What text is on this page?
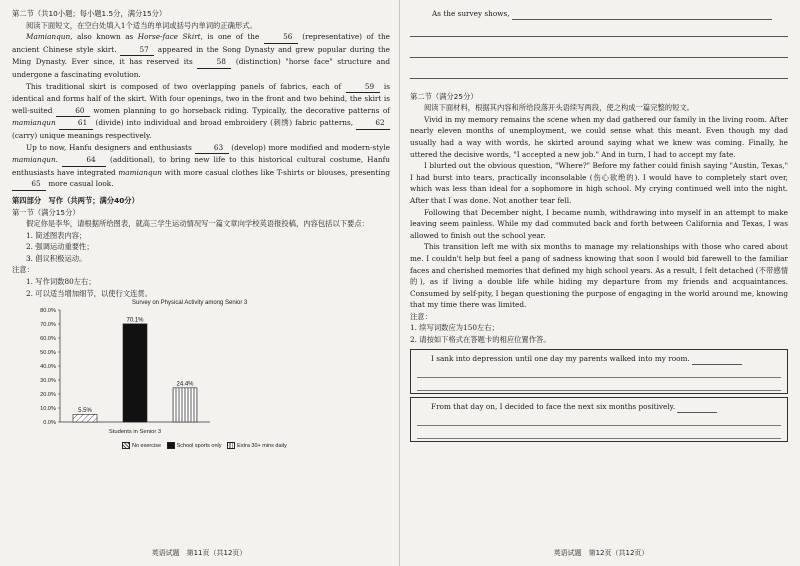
第二节（共10小题；每小题1.5分，满分15分）

阅读下面短文，在空白处填入1个适当的单词或括号内单词的正确形式。

Mamianqun, also known as Horse-face Skirt, is one of the	56 (representative) of the ancient Chinese style skirt.	57 appeared in the Song Dynasty and grew popular during the Ming Dynasty. Ever since, it has reserved its	58 (distinction) "horse face" structure and undergone a fascinating evolution.

This traditional skirt is composed of two overlapping panels of fabrics, each of	59 is identical and forms half of the skirt. With four openings, two in the front and two behind, the skirt is well-suited	60 women planning to go horseback riding. Typically, the decorative patterns of mamianqun	61 (divide) into individual and broad embroidery (刺绣) fabric patterns,	62 (carry) unique meanings respectively.

Up to now, Hanfu designers and enthusiasts	63 (develop) more modified and modern-style mamianqun.	64 (additional), to bring new life to this historical cultural costume, Hanfu enthusiasts have integrated mamianqun with more casual clothes like T-shirts or blouses, presenting 65 more casual look.

第四部分　写作（共两节；满分40分）

第一节（满分15分）

假定你是李华，请根据所给图表，就高三学生运动情况写一篇文章向学校英语报投稿，内容包括以下要点：

1. 简述图表内容；

2. 强调运动重要性；

3. 倡议积极运动。

注意：

1. 写作词数80左右；

2. 可以适当增加细节，以使行文连贯。

0.0%
10.0%
20.0%
30.0%
40.0%
50.0%
60.0%
70.0%
80.0%
5.5%
70.1%
24.4%
Students in Senior 3
Survey on Physical Activity among Senior 3
No exercise	School sports only	Extra 30+ mins daily
英语试题　第11页（共12页）

As the survey shows,

第二节（满分25分）

阅读下面材料，根据其内容和所给段落开头语续写两段，使之构成一篇完整的短文。

Vivid in my memory remains the scene when my dad gathered our family in the living room. After nearly eleven months of unemployment, we could sense what this meant. Even though my dad usually had a way with words, he skirted around saying what we knew was coming. Finally, he uttered the decisive words, "I accepted a new job." And in turn, I had to accept my fate.

I blurted out the obvious question, "Where?" Before my father could finish saying "Austin, Texas," I had burst into tears, practically inconsolable (伤心欲绝的). I would have to completely start over, which was less than ideal for a sophomore in high school. My crying continued well into the night. After that I was done. Not another tear fell.

Following that December night, I became numb, withdrawing into myself in an attempt to make leaving seem painless. While my dad commuted back and forth between California and Texas, I was allowed to finish out the school year.

This transition left me with six months to manage my relationships with those who cared about me. I couldn't help but feel a pang of sadness knowing that soon I would bid farewell to the familiar faces and cherished memories that defined my high school years. As a result, I felt detached (不带感情的), as if living a double life while hiding my departure from my friends and acquaintances. Consumed by self-pity, I began questioning the purpose of engaging in the world around me, knowing that my time there was limited.

注意：

1. 续写词数应为150左右；

2. 请按如下格式在答题卡的相应位置作答。

I sank into depression until one day my parents walked into my room.

From that day on, I decided to face the next six months positively.

英语试题　第12页（共12页）
